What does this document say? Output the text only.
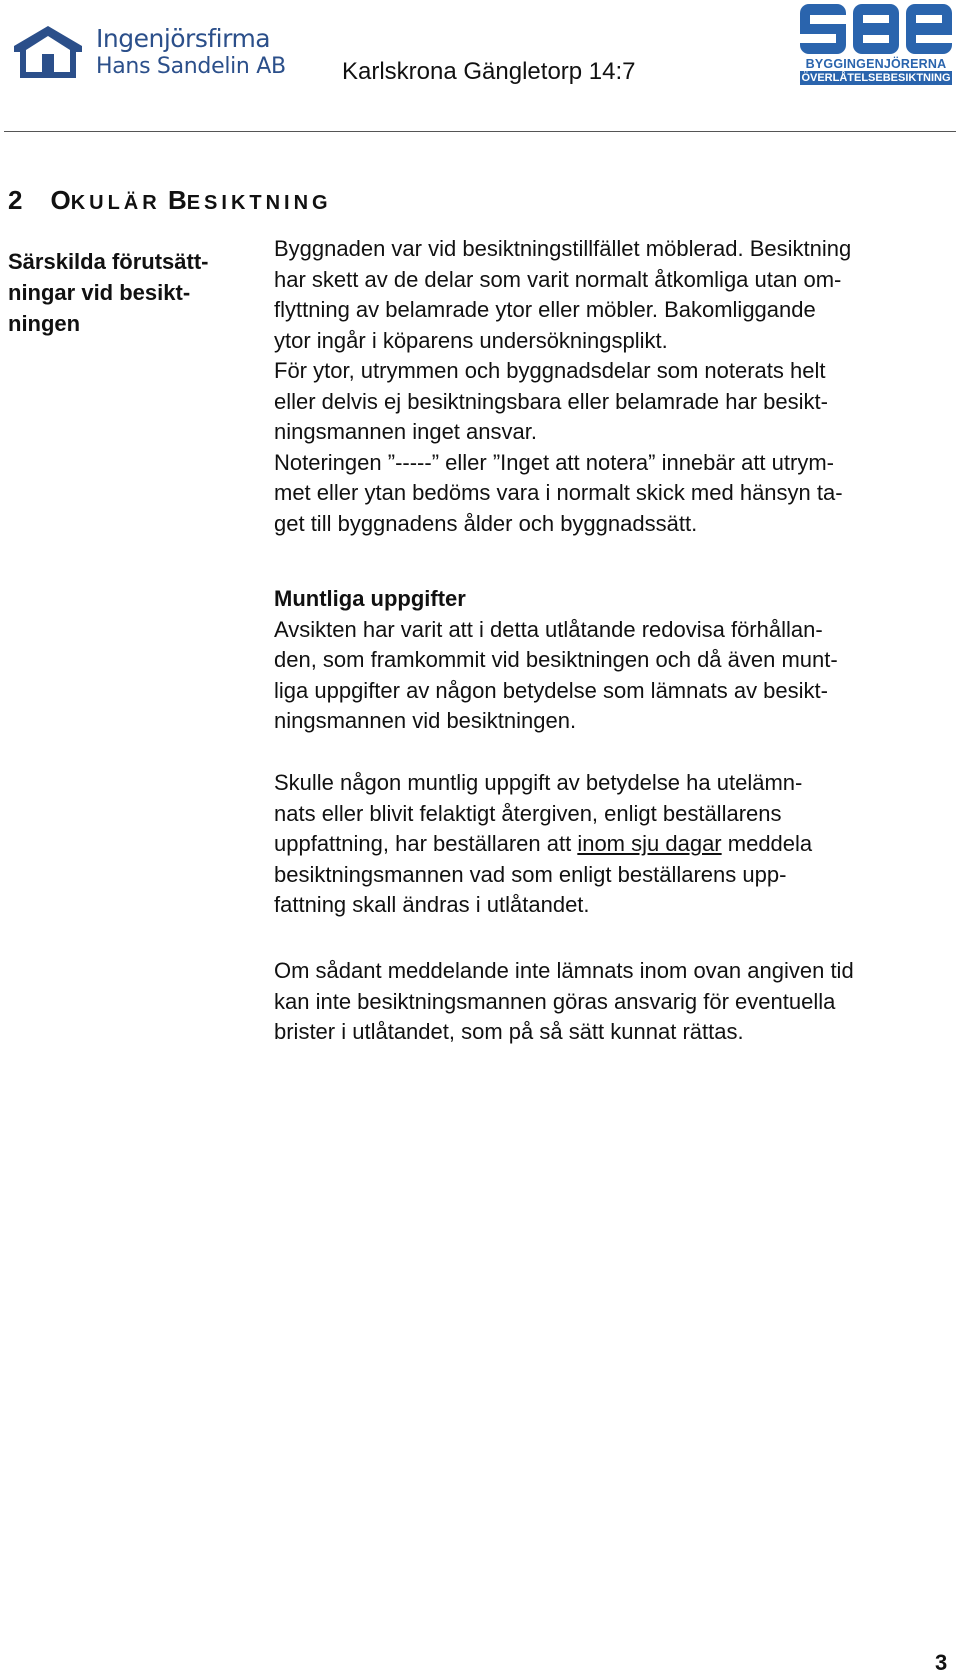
Ingenjörsfirma
Hans Sandelin AB Karlskrona Gängletorp 14:7	BYGGINGENJÖRERNA
ÖVERLÅTELSEBESIKTNING
2 OKULÄR BESIKTNING
Särskilda förutsätt-
ningar vid besikt-
ningen
Byggnaden var vid besiktningstillfället möblerad. Besiktning
har skett av de delar som varit normalt åtkomliga utan om-
flyttning av belamrade ytor eller möbler. Bakomliggande
ytor ingår i köparens undersökningsplikt.
För ytor, utrymmen och byggnadsdelar som noterats helt
eller delvis ej besiktningsbara eller belamrade har besikt-
ningsmannen inget ansvar.
Noteringen ”-----” eller ”Inget att notera” innebär att utrym-
met eller ytan bedöms vara i normalt skick med hänsyn ta-
get till byggnadens ålder och byggnadssätt.
Muntliga uppgifter
Avsikten har varit att i detta utlåtande redovisa förhållan-
den, som framkommit vid besiktningen och då även munt-
liga uppgifter av någon betydelse som lämnats av besikt-
ningsmannen vid besiktningen.
Skulle någon muntlig uppgift av betydelse ha utelämn-
nats eller blivit felaktigt återgiven, enligt beställarens
uppfattning, har beställaren att inom sju dagar meddela
besiktningsmannen vad som enligt beställarens upp-
fattning skall ändras i utlåtandet.
Om sådant meddelande inte lämnats inom ovan angiven tid
kan inte besiktningsmannen göras ansvarig för eventuella
brister i utlåtandet, som på så sätt kunnat rättas.
3
